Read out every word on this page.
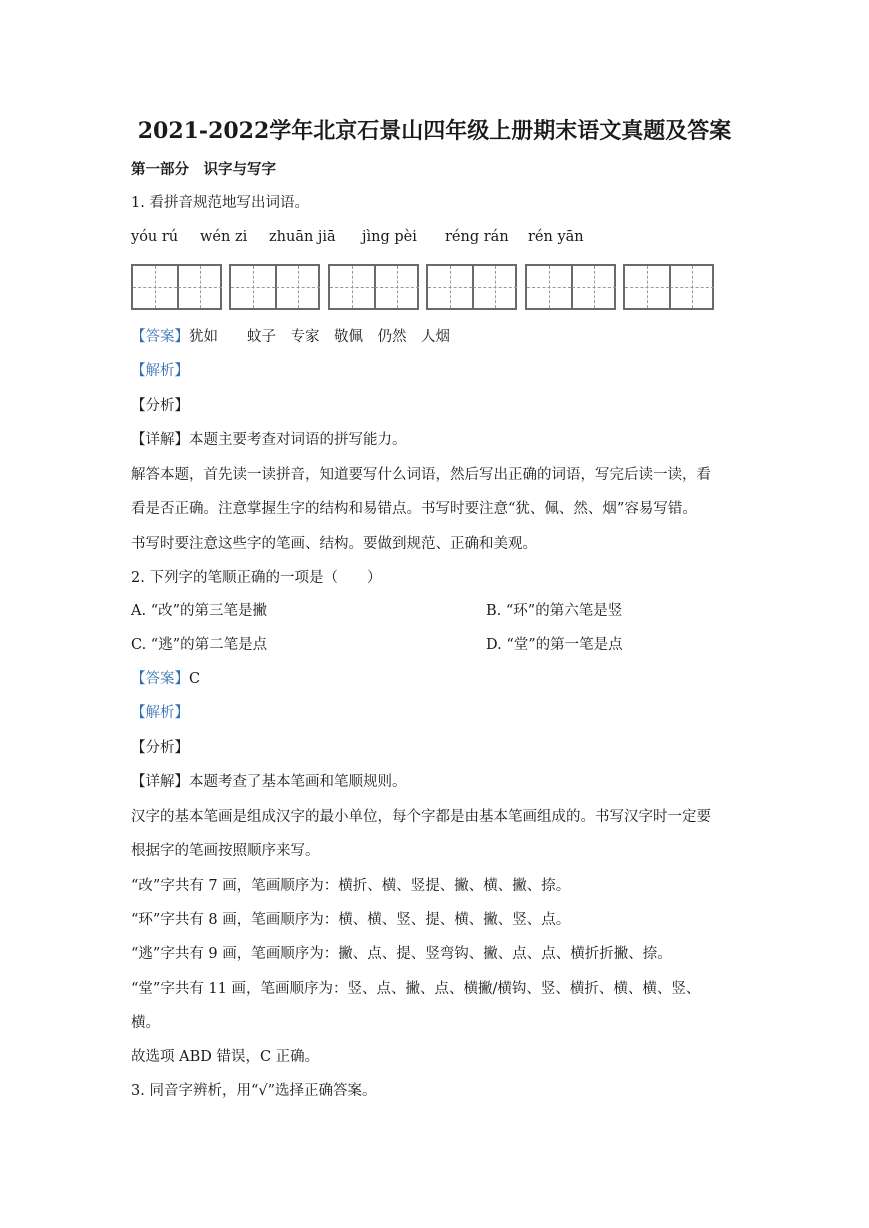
2021-2022学年北京石景山四年级上册期末语文真题及答案
第一部分　识字与写字
1. 看拼音规范地写出词语。
yóu rú wén zi zhuān jiā jìng pèi réng rán rén yān
【答案】犹如　　蚊子　专家　敬佩　仍然　人烟
【解析】
【分析】
【详解】本题主要考查对词语的拼写能力。
解答本题，首先读一读拼音，知道要写什么词语，然后写出正确的词语，写完后读一读，看
看是否正确。注意掌握生字的结构和易错点。书写时要注意“犹、佩、然、烟”容易写错。
书写时要注意这些字的笔画、结构。要做到规范、正确和美观。
2. 下列字的笔顺正确的一项是（　　）
A. “改”的第三笔是撇	B. “环”的第六笔是竖
C. “逃”的第二笔是点	D. “堂”的第一笔是点
【答案】C
【解析】
【分析】
【详解】本题考查了基本笔画和笔顺规则。
汉字的基本笔画是组成汉字的最小单位，每个字都是由基本笔画组成的。书写汉字时一定要
根据字的笔画按照顺序来写。
“改”字共有 7 画，笔画顺序为：横折、横、竖提、撇、横、撇、捺。
“环”字共有 8 画，笔画顺序为：横、横、竖、提、横、撇、竖、点。
“逃”字共有 9 画，笔画顺序为：撇、点、提、竖弯钩、撇、点、点、横折折撇、捺。
“堂”字共有 11 画，笔画顺序为：竖、点、撇、点、横撇/横钩、竖、横折、横、横、竖、
横。
故选项 ABD 错误，C 正确。
3. 同音字辨析，用“√”选择正确答案。
